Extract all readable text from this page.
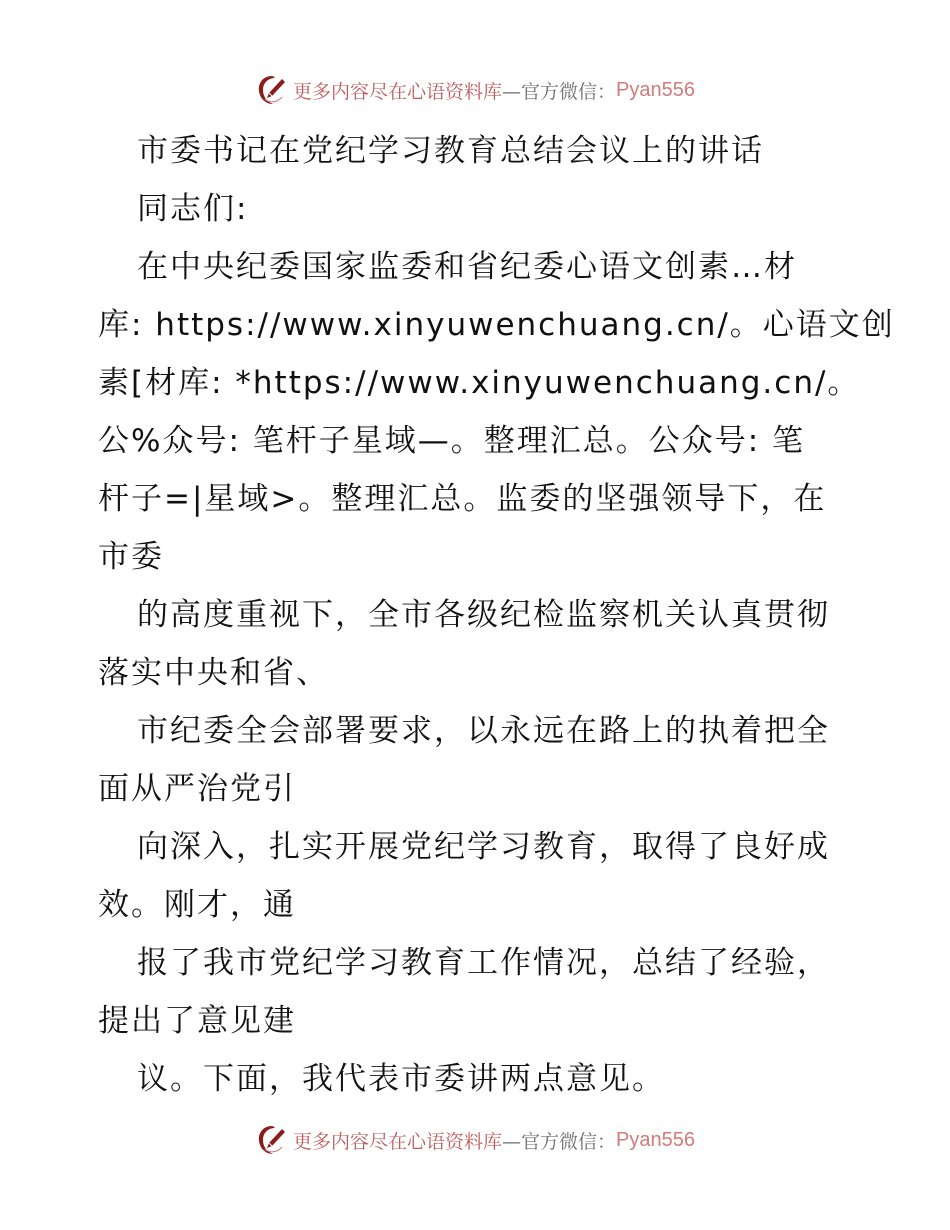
更多内容尽在心语资料库 —官方微信： Pyan556
市委书记在党纪学习教育总结会议上的讲话
同志们:
在中央纪委国家监委和省纪委心语文创素…材
库: https://www.xinyuwenchuang.cn/。心语文创
素[材库: *https://www.xinyuwenchuang.cn/。
公%众号: 笔杆子星域—。整理汇总。公众号: 笔
杆子=|星域>。整理汇总。监委的坚强领导下，在
市委
的高度重视下，全市各级纪检监察机关认真贯彻
落实中央和省、
市纪委全会部署要求，以永远在路上的执着把全
面从严治党引
向深入，扎实开展党纪学习教育，取得了良好成
效。刚才，通
报了我市党纪学习教育工作情况，总结了经验，
提出了意见建
议。下面，我代表市委讲两点意见。
更多内容尽在心语资料库 —官方微信： Pyan556
